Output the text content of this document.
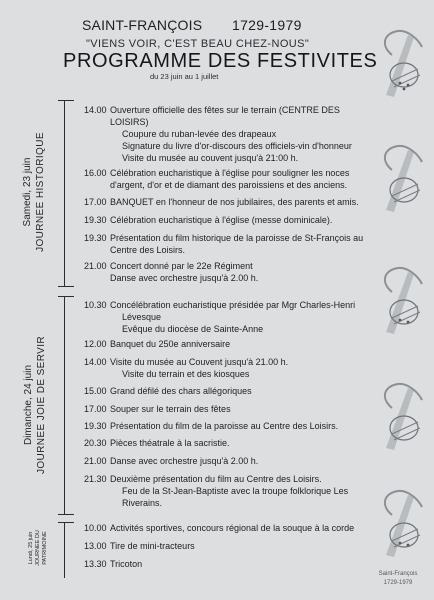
SAINT-FRANÇOIS 1729-1979
"VIENS VOIR, C'EST BEAU CHEZ-NOUS"
PROGRAMME DES FESTIVITES
du 23 juin au 1 juillet
Samedi, 23 juin JOURNEE HISTORIQUE
Dimanche, 24 juin JOURNEE JOIE DE SERVIR
Lundi, 25 juin JOURNEE DU PATRIMOINE
14.00 Ouverture officielle des fêtes sur le terrain (CENTRE DES
LOISIRS)
Coupure du ruban-levée des drapeaux
Signature du livre d'or-discours des officiels-vin d'honneur
Visite du musée au couvent jusqu'à 21:00 h.
16.00 Célébration eucharistique à l'église pour souligner les noces
d'argent, d'or et de diamant des paroissiens et des anciens.
17.00 BANQUET en l'honneur de nos jubilaires, des parents et amis.
19.30 Célébration eucharistique à l'église (messe dominicale).
19.30 Présentation du film historique de la paroisse de St-François au
Centre des Loisirs.
21.00 Concert donné par le 22e Régiment
Danse avec orchestre jusqu'à 2.00 h.
10.30 Concélébration eucharistique présidée par Mgr Charles-Henri
Lévesque
Evêque du diocèse de Sainte-Anne
12.00 Banquet du 250e anniversaire
14.00 Visite du musée au Couvent jusqu'à 21.00 h.
Visite du terrain et des kiosques
15.00 Grand défilé des chars allégoriques
17.00 Souper sur le terrain des fêtes
19.30 Présentation du film de la paroisse au Centre des Loisirs.
20.30 Pièces théatrale à la sacristie.
21.00 Danse avec orchestre jusqu'à 2.00 h.
21.30 Deuxième présentation du film au Centre des Loisirs.
Feu de la St-Jean-Baptiste avec la troupe folklorique Les
Riverains.
10.00 Activités sportives, concours régional de la souque à la corde
13.00 Tire de mini-tracteurs
13.30 Tricoton
Saint-François
1729-1979
